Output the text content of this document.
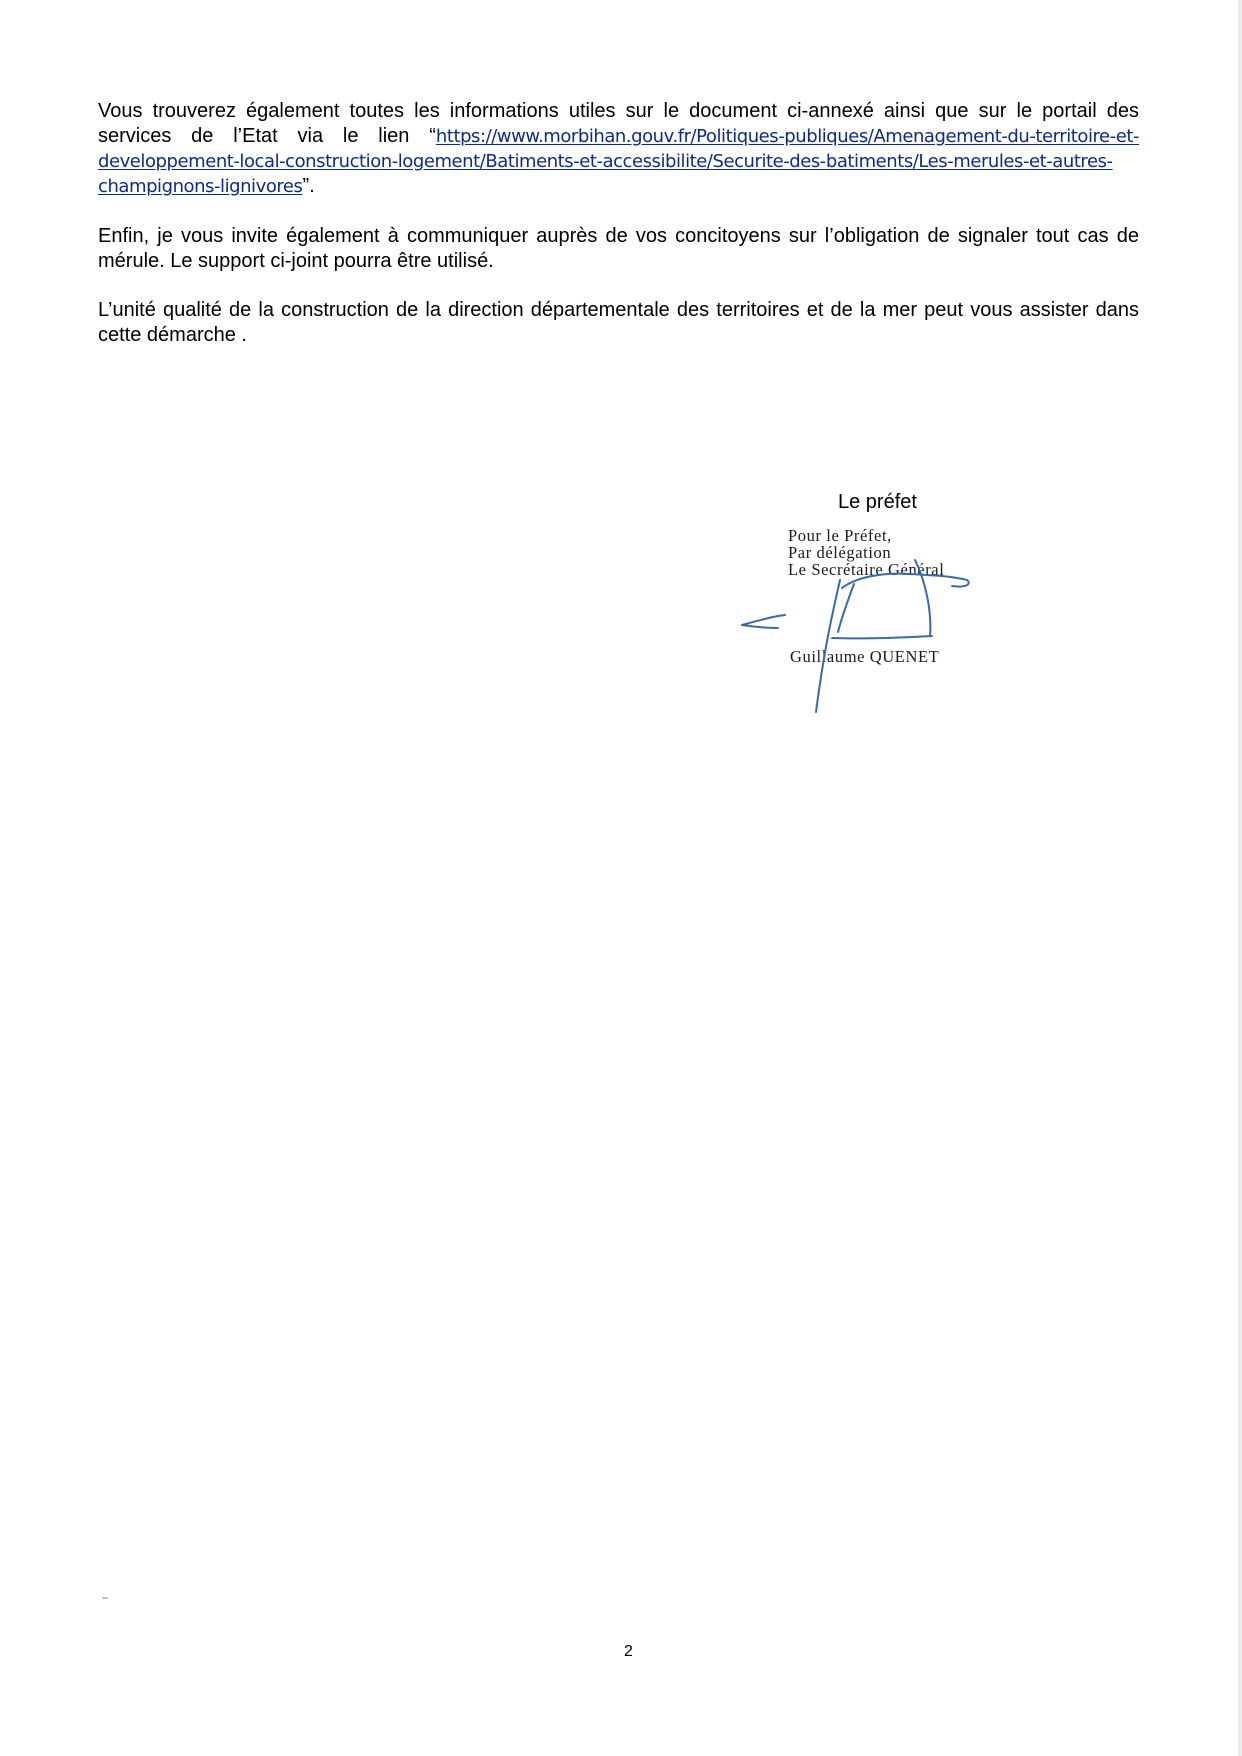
Vous trouverez également toutes les informations utiles sur le document ci-annexé ainsi que sur le portail des services de l’Etat via le lien “https://www.morbihan.gouv.fr/Politiques-publiques/Amenagement-du-territoire-et-developpement-local-construction-logement/Batiments-et-accessibilite/Securite-des-batiments/Les-merules-et-autres-champignons-lignivores”.

Enfin, je vous invite également à communiquer auprès de vos concitoyens sur l’obligation de signaler tout cas de mérule. Le support ci-joint pourra être utilisé.

L’unité qualité de la construction de la direction départementale des territoires et de la mer peut vous assister dans cette démarche .

Le préfet
Pour le Préfet,
Par délégation
Le Secrétaire Général
Guillaume QUENET
2
